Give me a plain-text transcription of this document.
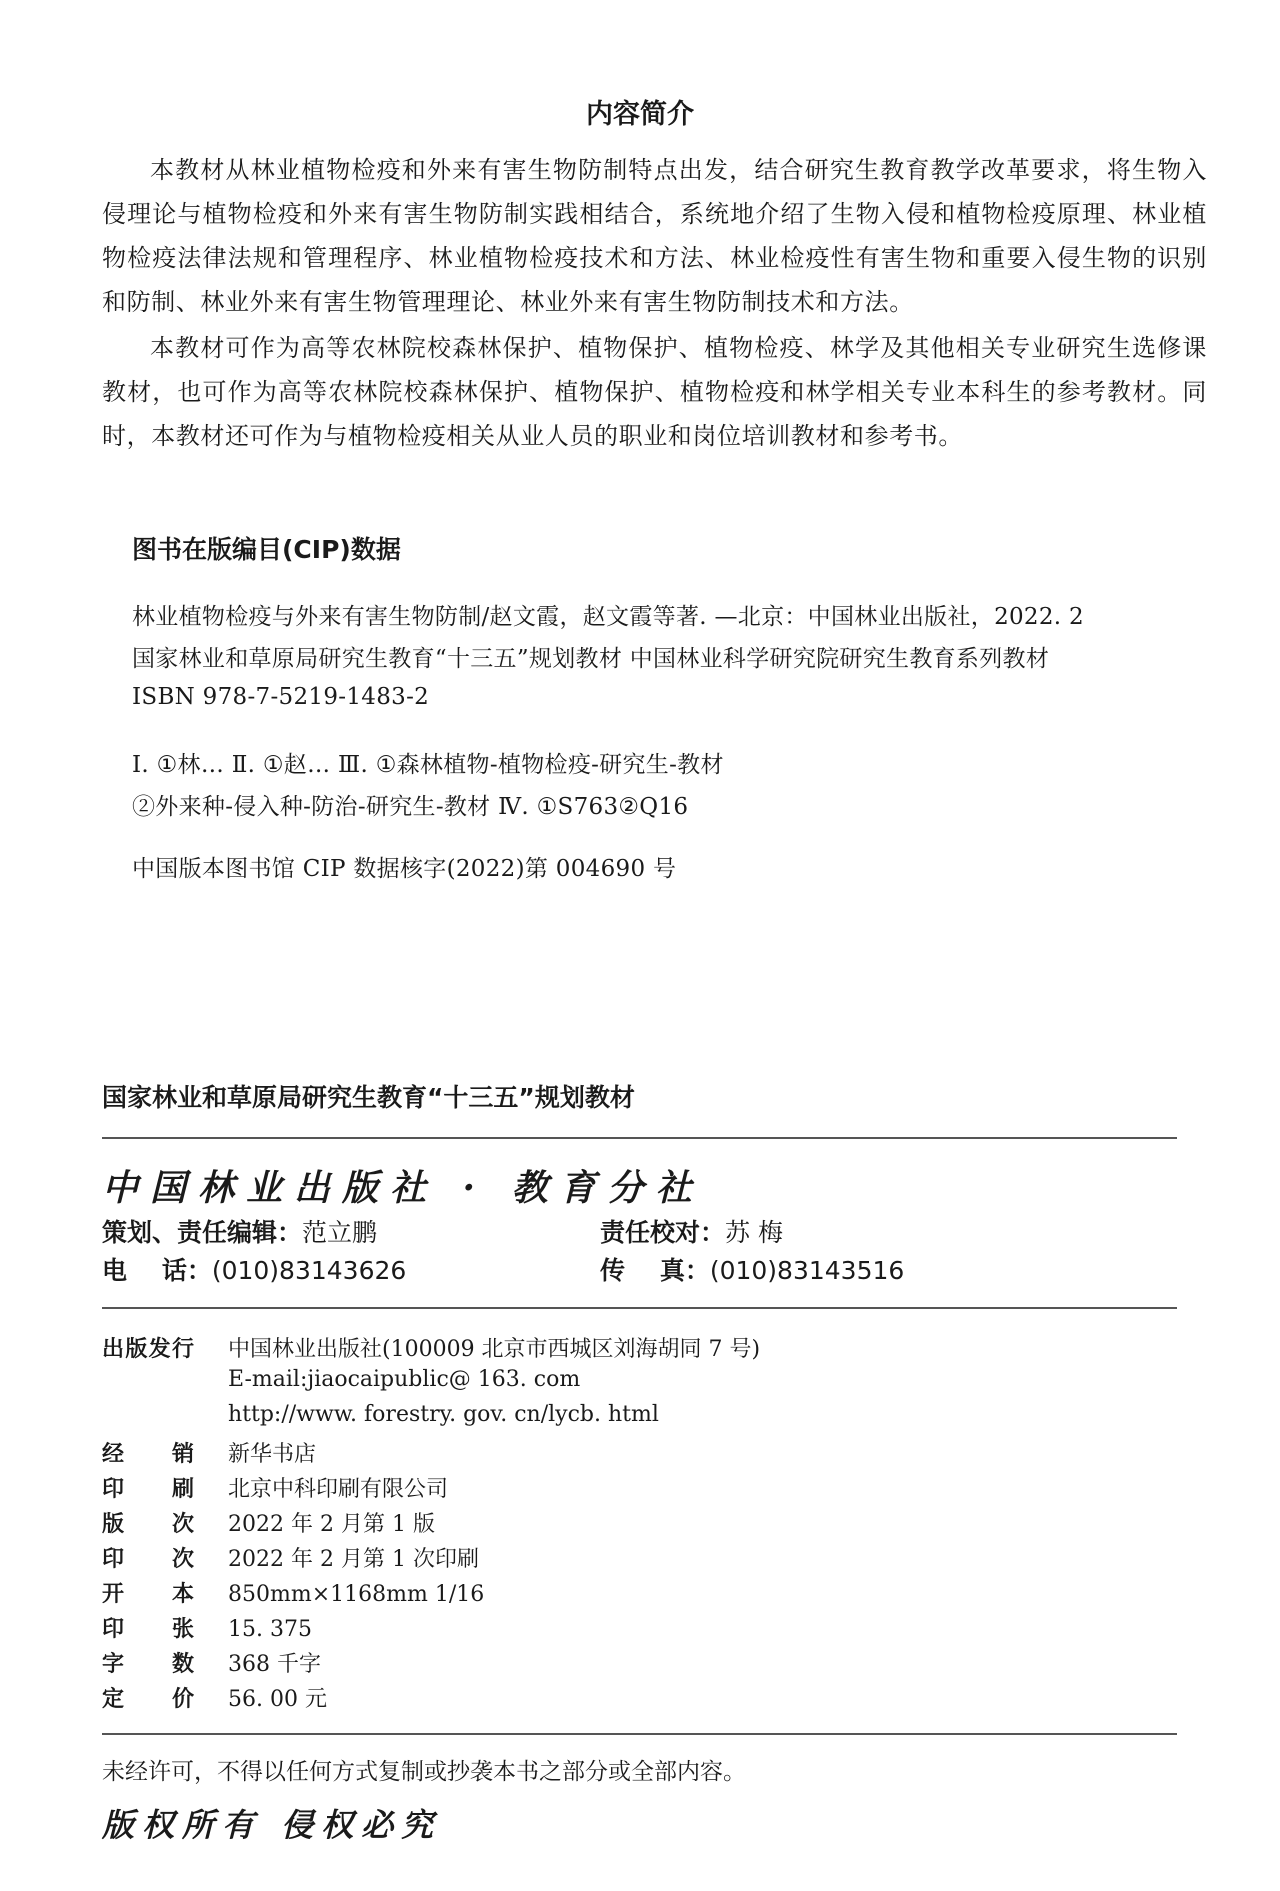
内容简介
本教材从林业植物检疫和外来有害生物防制特点出发，结合研究生教育教学改革要求，将生物入侵理论与植物检疫和外来有害生物防制实践相结合，系统地介绍了生物入侵和植物检疫原理、林业植物检疫法律法规和管理程序、林业植物检疫技术和方法、林业检疫性有害生物和重要入侵生物的识别和防制、林业外来有害生物管理理论、林业外来有害生物防制技术和方法。
本教材可作为高等农林院校森林保护、植物保护、植物检疫、林学及其他相关专业研究生选修课教材，也可作为高等农林院校森林保护、植物保护、植物检疫和林学相关专业本科生的参考教材。同时，本教材还可作为与植物检疫相关从业人员的职业和岗位培训教材和参考书。
图书在版编目(CIP)数据
林业植物检疫与外来有害生物防制/赵文霞，赵文霞等著. —北京：中国林业出版社，2022. 2
国家林业和草原局研究生教育“十三五”规划教材 中国林业科学研究院研究生教育系列教材
ISBN 978-7-5219-1483-2
Ⅰ. ①林… Ⅱ. ①赵… Ⅲ. ①森林植物-植物检疫-研究生-教材
②外来种-侵入种-防治-研究生-教材 Ⅳ. ①S763②Q16
中国版本图书馆 CIP 数据核字(2022)第 004690 号
国家林业和草原局研究生教育“十三五”规划教材
中国林业出版社 · 教育分社
策划、责任编辑：范立鹏	责任校对：苏 梅
电    话：(010)83143626	传    真：(010)83143516
出版发行 中国林业出版社(100009 北京市西城区刘海胡同 7 号)
E-mail:jiaocaipublic@ 163. com
http://www. forestry. gov. cn/lycb. html
经销 新华书店
印刷 北京中科印刷有限公司
版次 2022 年 2 月第 1 版
印次 2022 年 2 月第 1 次印刷
开本 850mm×1168mm 1/16
印张 15. 375
字数 368 千字
定价 56. 00 元
未经许可，不得以任何方式复制或抄袭本书之部分或全部内容。
版权所有 侵权必究
